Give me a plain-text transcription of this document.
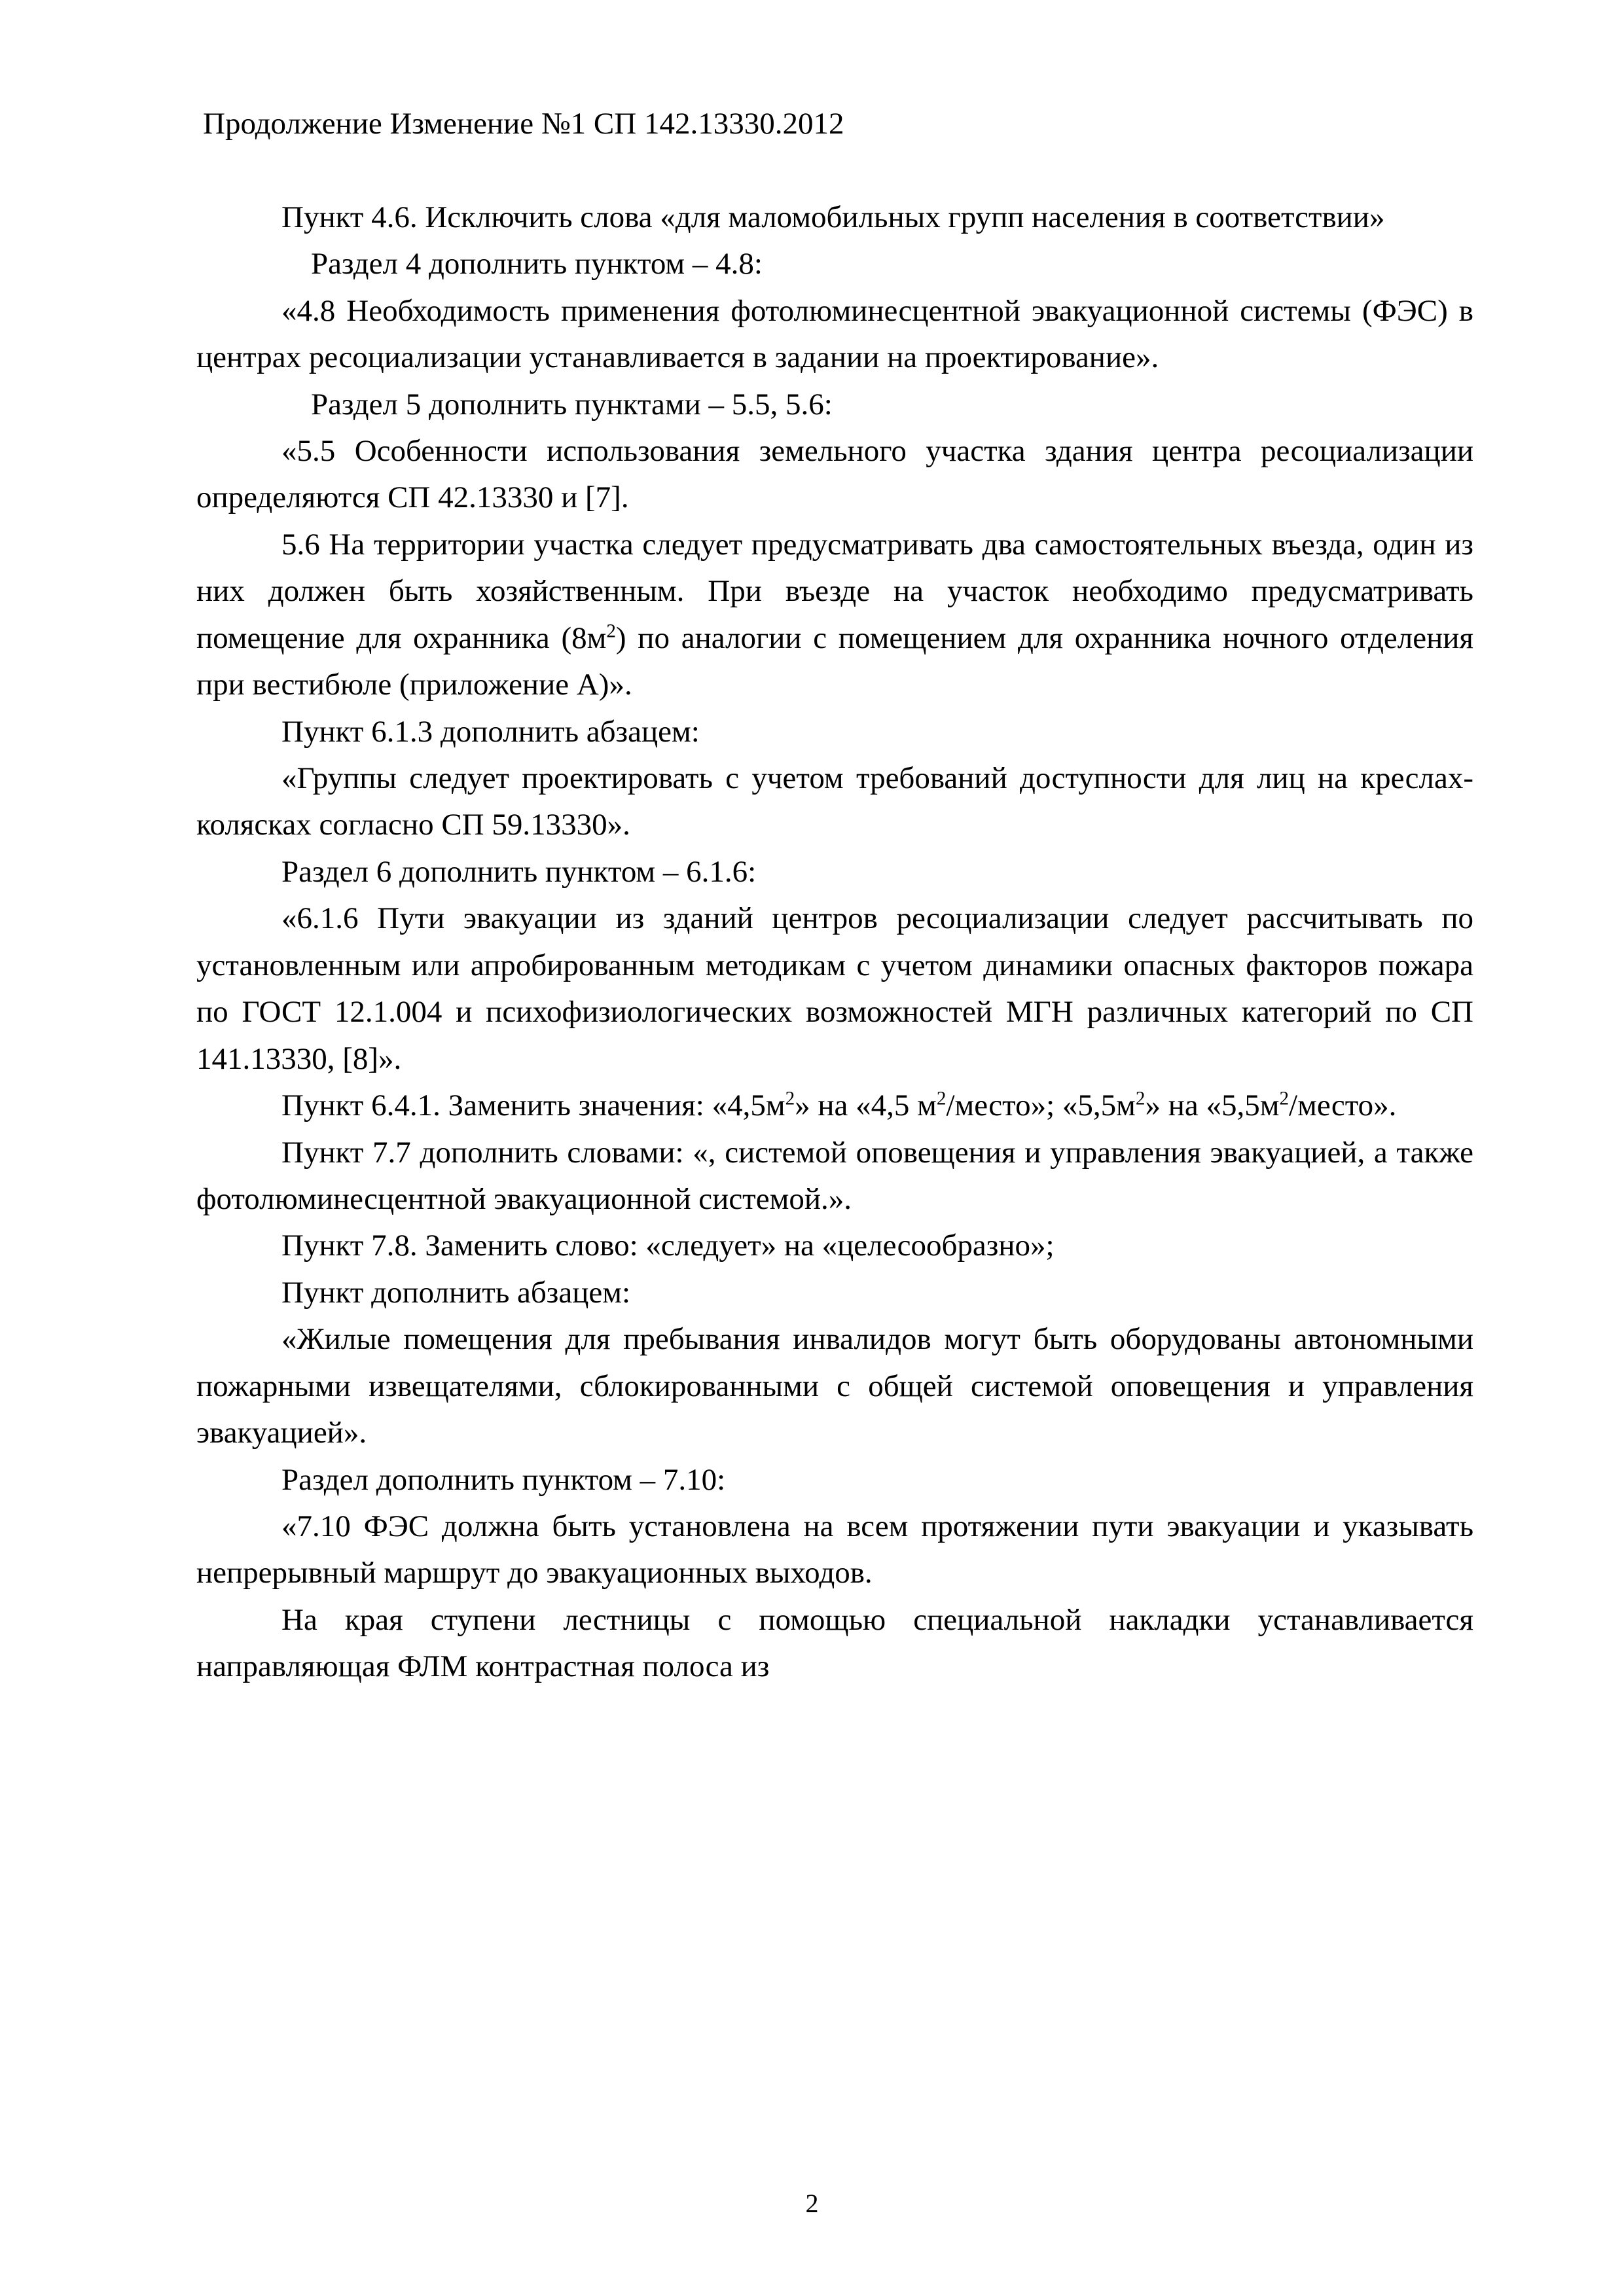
Продолжение Изменение №1 СП 142.13330.2012

Пункт 4.6. Исключить слова «для маломобильных групп населения в соответствии»

Раздел 4 дополнить пунктом – 4.8:

«4.8 Необходимость применения фотолюминесцентной эвакуационной системы (ФЭС) в центрах ресоциализации устанавливается в задании на проектирование».

Раздел 5 дополнить пунктами – 5.5, 5.6:

«5.5 Особенности использования земельного участка здания центра ресоциализации определяются СП 42.13330 и [7].

5.6 На территории участка следует предусматривать два самостоятельных въезда, один из них должен быть хозяйственным. При въезде на участок необходимо предусматривать помещение для охранника $(8м^2)$ по аналогии с помещением для охранника ночного отделения при вестибюле (приложение А)».

Пункт 6.1.3 дополнить абзацем:

«Группы следует проектировать с учетом требований доступности для лиц на креслах-колясках согласно СП 59.13330».

Раздел 6 дополнить пунктом – 6.1.6:

«6.1.6 Пути эвакуации из зданий центров ресоциализации следует рассчитывать по установленным или апробированным методикам с учетом динамики опасных факторов пожара по ГОСТ 12.1.004 и психофизиологических возможностей МГН различных категорий по СП 141.13330, [8]».

Пункт 6.4.1. Заменить значения: «$4,5м^2$» на «4,5 $м^2$/место»; «$5,5м^2$» на «$5,5м^2$/место».

Пункт 7.7 дополнить словами: «, системой оповещения и управления эвакуацией, а также фотолюминесцентной эвакуационной системой.».

Пункт 7.8. Заменить слово: «следует» на «целесообразно»;

Пункт дополнить абзацем:

«Жилые помещения для пребывания инвалидов могут быть оборудованы автономными пожарными извещателями, сблокированными с общей системой оповещения и управления эвакуацией».

Раздел дополнить пунктом – 7.10:

«7.10 ФЭС должна быть установлена на всем протяжении пути эвакуации и указывать непрерывный маршрут до эвакуационных выходов.

На края ступени лестницы с помощью специальной накладки устанавливается направляющая ФЛМ контрастная полоса из

2
